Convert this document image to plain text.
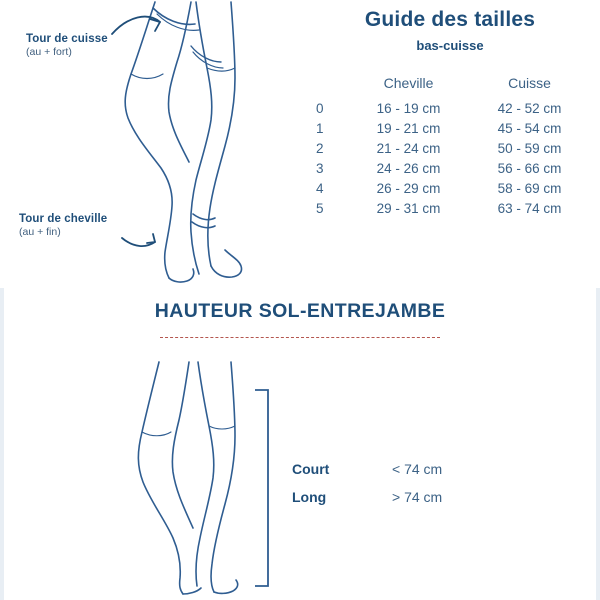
Tour de cuisse
(au + fort)
Tour de cheville
(au + fin)
Guide des tailles
bas-cuisse
	Cheville	Cuisse
0	16 - 19 cm	42 - 52 cm
1	19 - 21 cm	45 - 54 cm
2	21 - 24 cm	50 - 59 cm
3	24 - 26 cm	56 - 66 cm
4	26 - 29 cm	58 - 69 cm
5	29 - 31 cm	63 - 74 cm
HAUTEUR SOL-ENTREJAMBE
Court	< 74 cm
Long	> 74 cm
